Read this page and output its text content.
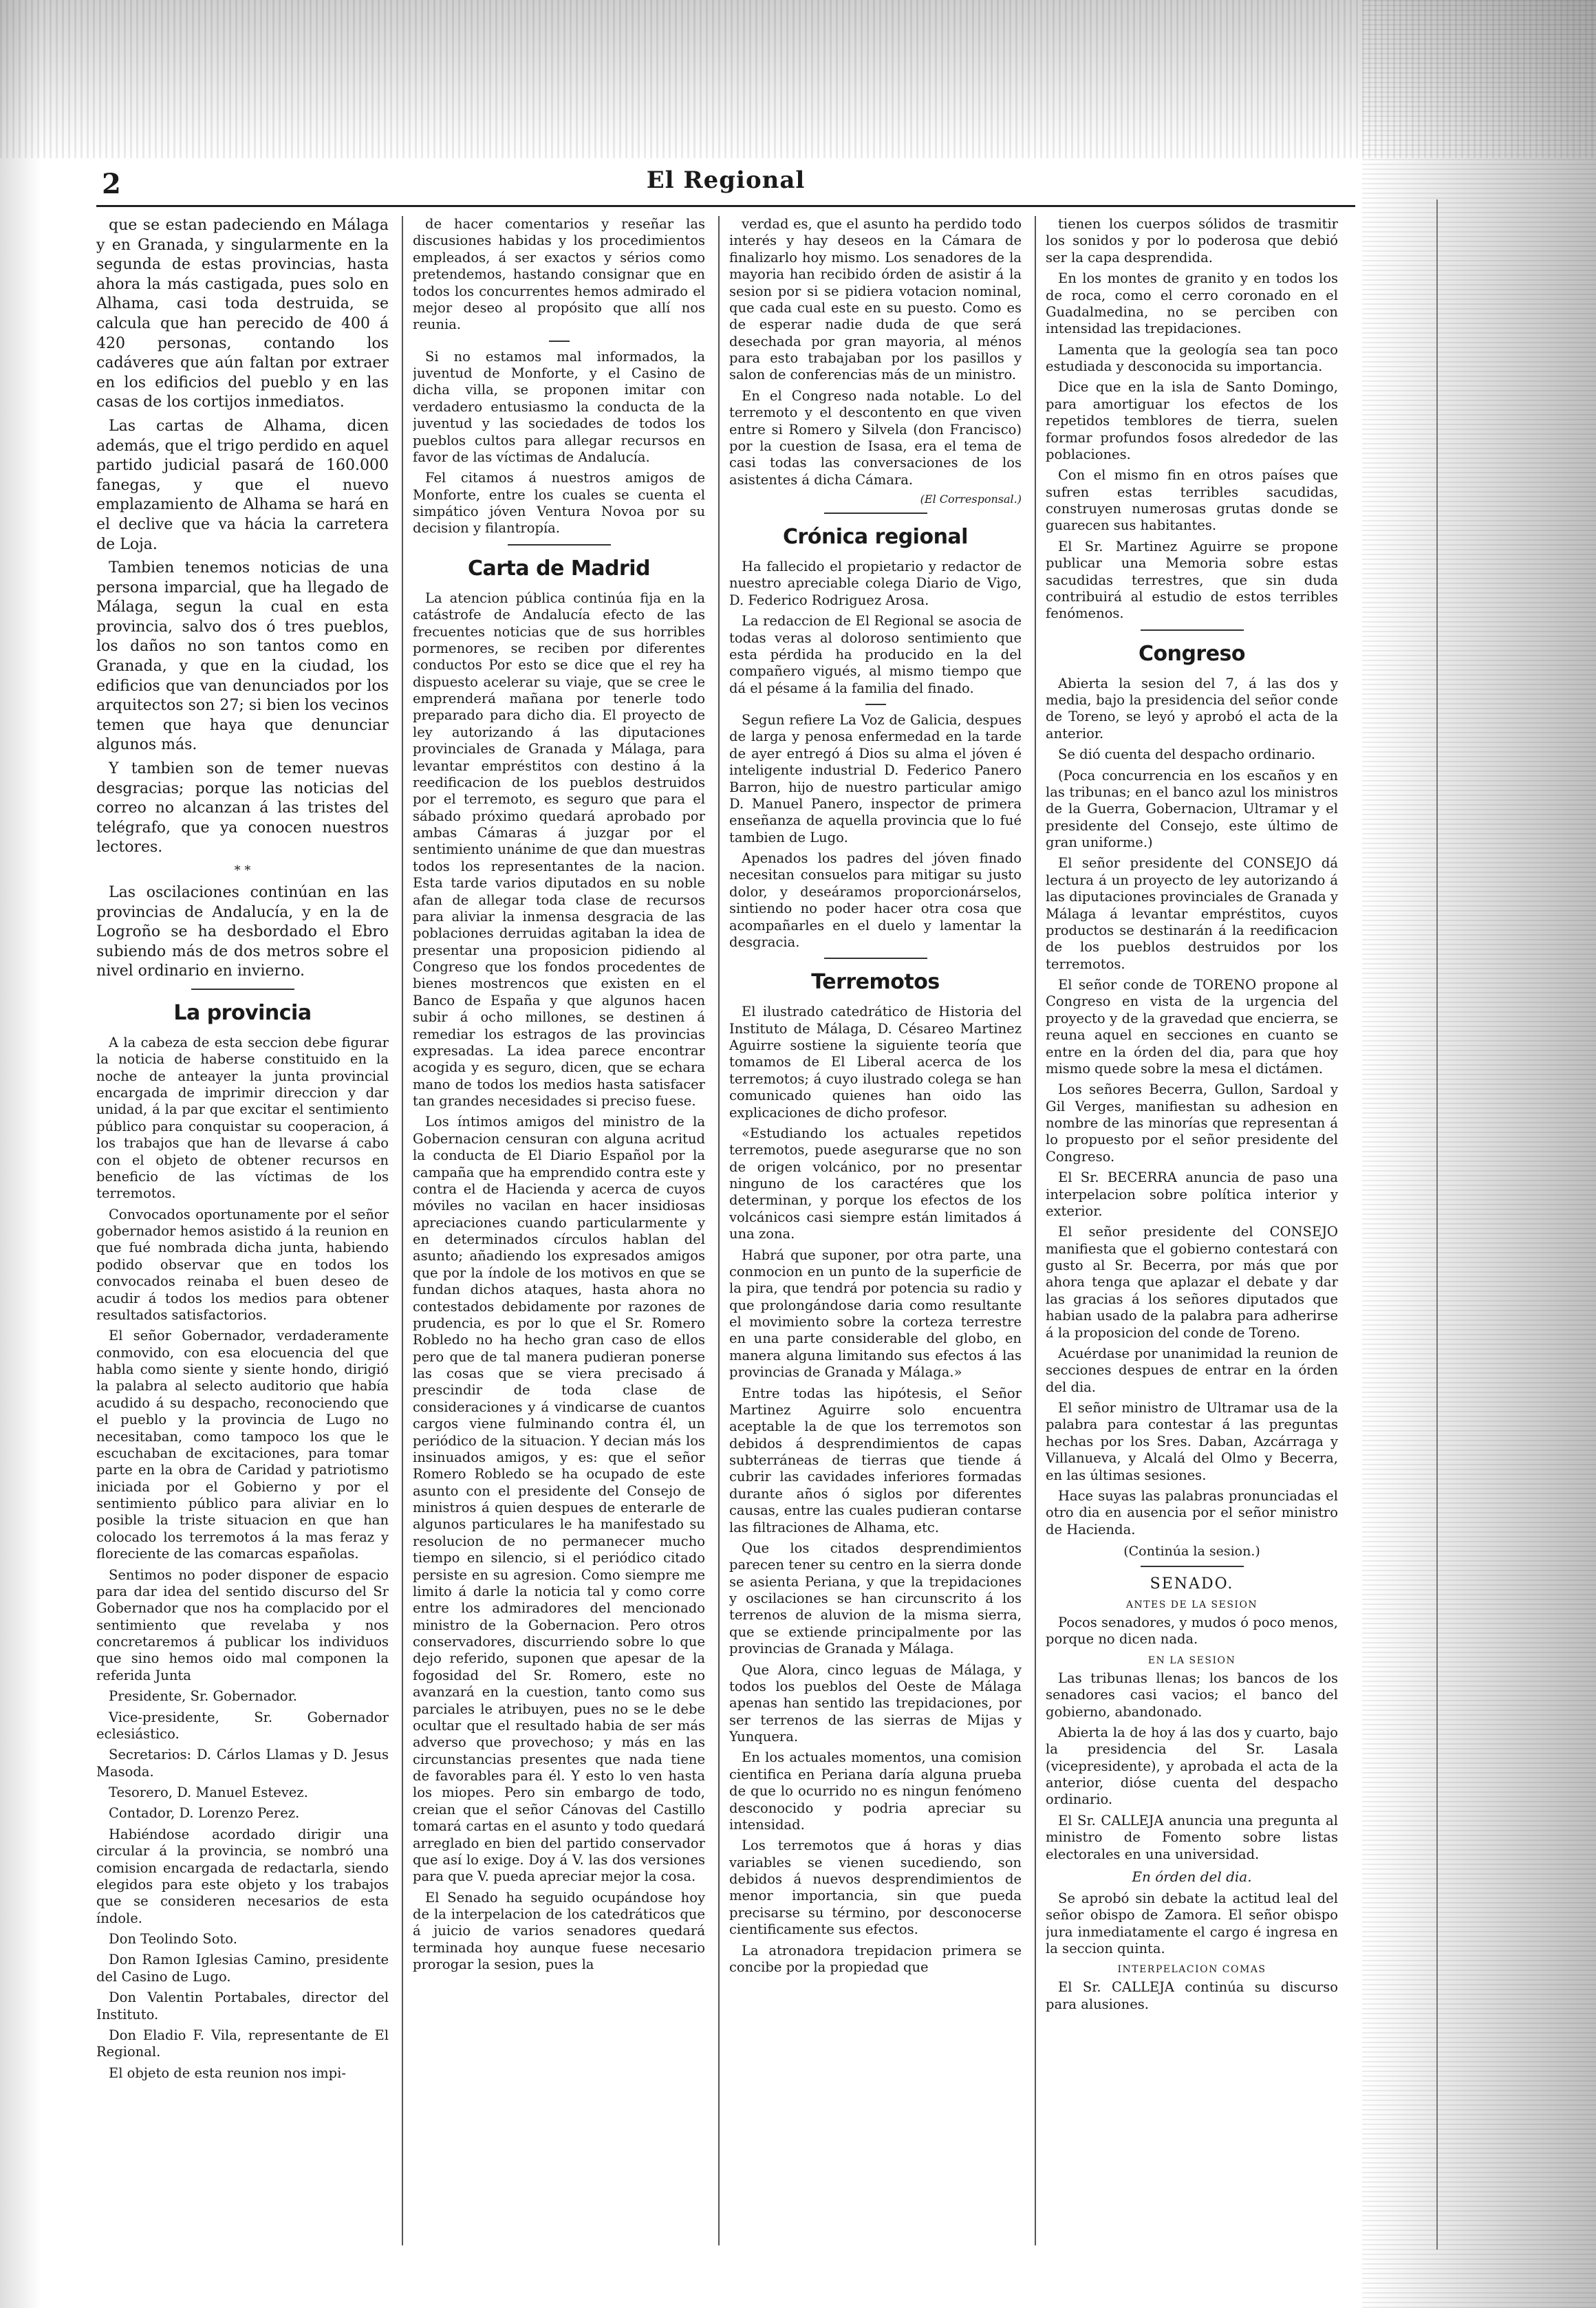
2	El Regional

que se estan padeciendo en Málaga y en Granada, y singularmente en la segunda de estas provincias, hasta ahora la más castigada, pues solo en Alhama, casi toda destruida, se calcula que han perecido de 400 á 420 personas, contando los cadáveres que aún faltan por extraer en los edificios del pueblo y en las casas de los cortijos inmediatos.

Las cartas de Alhama, dicen además, que el trigo perdido en aquel partido judicial pasará de 160.000 fanegas, y que el nuevo emplazamiento de Alhama se hará en el declive que va hácia la carretera de Loja.

Tambien tenemos noticias de una persona imparcial, que ha llegado de Málaga, segun la cual en esta provincia, salvo dos ó tres pueblos, los daños no son tantos como en Granada, y que en la ciudad, los edificios que van denunciados por los arquitectos son 27; si bien los vecinos temen que haya que denunciar algunos más.

Y tambien son de temer nuevas desgracias; porque las noticias del correo no alcanzan á las tristes del telégrafo, que ya conocen nuestros lectores.

* *

Las oscilaciones continúan en las provincias de Andalucía, y en la de Logroño se ha desbordado el Ebro subiendo más de dos metros sobre el nivel ordinario en invierno.

La provincia

A la cabeza de esta seccion debe figurar la noticia de haberse constituido en la noche de anteayer la junta provincial encargada de imprimir direccion y dar unidad, á la par que excitar el sentimiento público para conquistar su cooperacion, á los trabajos que han de llevarse á cabo con el objeto de obtener recursos en beneficio de las víctimas de los terremotos.

Convocados oportunamente por el señor gobernador hemos asistido á la reunion en que fué nombrada dicha junta, habiendo podido observar que en todos los convocados reinaba el buen deseo de acudir á todos los medios para obtener resultados satisfactorios.

El señor Gobernador, verdaderamente conmovido, con esa elocuencia del que habla como siente y siente hondo, dirigió la palabra al selecto auditorio que había acudido á su despacho, reconociendo que el pueblo y la provincia de Lugo no necesitaban, como tampoco los que le escuchaban de excitaciones, para tomar parte en la obra de Caridad y patriotismo iniciada por el Gobierno y por el sentimiento público para aliviar en lo posible la triste situacion en que han colocado los terremotos á la mas feraz y floreciente de las comarcas españolas.

Sentimos no poder disponer de espacio para dar idea del sentido discurso del Sr Gobernador que nos ha complacido por el sentimiento que revelaba y nos concretaremos á publicar los individuos que sino hemos oido mal componen la referida Junta

Presidente, Sr. Gobernador.

Vice-presidente, Sr. Gobernador eclesiástico.

Secretarios: D. Cárlos Llamas y D. Jesus Masoda.

Tesorero, D. Manuel Estevez.

Contador, D. Lorenzo Perez.

Habiéndose acordado dirigir una circular á la provincia, se nombró una comision encargada de redactarla, siendo elegidos para este objeto y los trabajos que se consideren necesarios de esta índole.

Don Teolindo Soto.

Don Ramon Iglesias Camino, presidente del Casino de Lugo.

Don Valentin Portabales, director del Instituto.

Don Eladio F. Vila, representante de El Regional.

El objeto de esta reunion nos impi-

de hacer comentarios y reseñar las discusiones habidas y los procedimientos empleados, á ser exactos y sérios como pretendemos, hastando consignar que en todos los concurrentes hemos admirado el mejor deseo al propósito que allí nos reunia.

Si no estamos mal informados, la juventud de Monforte, y el Casino de dicha villa, se proponen imitar con verdadero entusiasmo la conducta de la juventud y las sociedades de todos los pueblos cultos para allegar recursos en favor de las víctimas de Andalucía.

Fel citamos á nuestros amigos de Monforte, entre los cuales se cuenta el simpático jóven Ventura Novoa por su decision y filantropía.

Carta de Madrid

La atencion pública continúa fija en la catástrofe de Andalucía efecto de las frecuentes noticias que de sus horribles pormenores, se reciben por diferentes conductos Por esto se dice que el rey ha dispuesto acelerar su viaje, que se cree le emprenderá mañana por tenerle todo preparado para dicho dia. El proyecto de ley autorizando á las diputaciones provinciales de Granada y Málaga, para levantar empréstitos con destino á la reedificacion de los pueblos destruidos por el terremoto, es seguro que para el sábado próximo quedará aprobado por ambas Cámaras á juzgar por el sentimiento unánime de que dan muestras todos los representantes de la nacion. Esta tarde varios diputados en su noble afan de allegar toda clase de recursos para aliviar la inmensa desgracia de las poblaciones derruidas agitaban la idea de presentar una proposicion pidiendo al Congreso que los fondos procedentes de bienes mostrencos que existen en el Banco de España y que algunos hacen subir á ocho millones, se destinen á remediar los estragos de las provincias expresadas. La idea parece encontrar acogida y es seguro, dicen, que se echara mano de todos los medios hasta satisfacer tan grandes necesidades si preciso fuese.

Los íntimos amigos del ministro de la Gobernacion censuran con alguna acritud la conducta de El Diario Español por la campaña que ha emprendido contra este y contra el de Hacienda y acerca de cuyos móviles no vacilan en hacer insidiosas apreciaciones cuando particularmente y en determinados círculos hablan del asunto; añadiendo los expresados amigos que por la índole de los motivos en que se fundan dichos ataques, hasta ahora no contestados debidamente por razones de prudencia, es por lo que el Sr. Romero Robledo no ha hecho gran caso de ellos pero que de tal manera pudieran ponerse las cosas que se viera precisado á prescindir de toda clase de consideraciones y á vindicarse de cuantos cargos viene fulminando contra él, un periódico de la situacion. Y decian más los insinuados amigos, y es: que el señor Romero Robledo se ha ocupado de este asunto con el presidente del Consejo de ministros á quien despues de enterarle de algunos particulares le ha manifestado su resolucion de no permanecer mucho tiempo en silencio, si el periódico citado persiste en su agresion. Como siempre me limito á darle la noticia tal y como corre entre los admiradores del mencionado ministro de la Gobernacion. Pero otros conservadores, discurriendo sobre lo que dejo referido, suponen que apesar de la fogosidad del Sr. Romero, este no avanzará en la cuestion, tanto como sus parciales le atribuyen, pues no se le debe ocultar que el resultado habia de ser más adverso que provechoso; y más en las circunstancias presentes que nada tiene de favorables para él. Y esto lo ven hasta los miopes. Pero sin embargo de todo, creian que el señor Cánovas del Castillo tomará cartas en el asunto y todo quedará arreglado en bien del partido conservador que así lo exige. Doy á V. las dos versiones para que V. pueda apreciar mejor la cosa.

El Senado ha seguido ocupándose hoy de la interpelacion de los catedráticos que á juicio de varios senadores quedará terminada hoy aunque fuese necesario prorogar la sesion, pues la

verdad es, que el asunto ha perdido todo interés y hay deseos en la Cámara de finalizarlo hoy mismo. Los senadores de la mayoria han recibido órden de asistir á la sesion por si se pidiera votacion nominal, que cada cual este en su puesto. Como es de esperar nadie duda de que será desechada por gran mayoria, al ménos para esto trabajaban por los pasillos y salon de conferencias más de un ministro.

En el Congreso nada notable. Lo del terremoto y el descontento en que viven entre si Romero y Silvela (don Francisco) por la cuestion de Isasa, era el tema de casi todas las conversaciones de los asistentes á dicha Cámara.

(El Corresponsal.)
Crónica regional

Ha fallecido el propietario y redactor de nuestro apreciable colega Diario de Vigo, D. Federico Rodriguez Arosa.

La redaccion de El Regional se asocia de todas veras al doloroso sentimiento que esta pérdida ha producido en la del compañero vigués, al mismo tiempo que dá el pésame á la familia del finado.

Segun refiere La Voz de Galicia, despues de larga y penosa enfermedad en la tarde de ayer entregó á Dios su alma el jóven é inteligente industrial D. Federico Panero Barron, hijo de nuestro particular amigo D. Manuel Panero, inspector de primera enseñanza de aquella provincia que lo fué tambien de Lugo.

Apenados los padres del jóven finado necesitan consuelos para mitigar su justo dolor, y deseáramos proporcionárselos, sintiendo no poder hacer otra cosa que acompañarles en el duelo y lamentar la desgracia.

Terremotos

El ilustrado catedrático de Historia del Instituto de Málaga, D. Césareo Martinez Aguirre sostiene la siguiente teoría que tomamos de El Liberal acerca de los terremotos; á cuyo ilustrado colega se han comunicado quienes han oido las explicaciones de dicho profesor.

«Estudiando los actuales repetidos terremotos, puede asegurarse que no son de origen volcánico, por no presentar ninguno de los caractéres que los determinan, y porque los efectos de los volcánicos casi siempre están limitados á una zona.

Habrá que suponer, por otra parte, una conmocion en un punto de la superficie de la pira, que tendrá por potencia su radio y que prolongándose daria como resultante el movimiento sobre la corteza terrestre en una parte considerable del globo, en manera alguna limitando sus efectos á las provincias de Granada y Málaga.»

Entre todas las hipótesis, el Señor Martinez Aguirre solo encuentra aceptable la de que los terremotos son debidos á desprendimientos de capas subterráneas de tierras que tiende á cubrir las cavidades inferiores formadas durante años ó siglos por diferentes causas, entre las cuales pudieran contarse las filtraciones de Alhama, etc.

Que los citados desprendimientos parecen tener su centro en la sierra donde se asienta Periana, y que la trepidaciones y oscilaciones se han circunscrito á los terrenos de aluvion de la misma sierra, que se extiende principalmente por las provincias de Granada y Málaga.

Que Alora, cinco leguas de Málaga, y todos los pueblos del Oeste de Málaga apenas han sentido las trepidaciones, por ser terrenos de las sierras de Mijas y Yunquera.

En los actuales momentos, una comision cientifica en Periana daría alguna prueba de que lo ocurrido no es ningun fenómeno desconocido y podria apreciar su intensidad.

Los terremotos que á horas y dias variables se vienen sucediendo, son debidos á nuevos desprendimientos de menor importancia, sin que pueda precisarse su término, por desconocerse cientificamente sus efectos.

La atronadora trepidacion primera se concibe por la propiedad que

tienen los cuerpos sólidos de trasmitir los sonidos y por lo poderosa que debió ser la capa desprendida.

En los montes de granito y en todos los de roca, como el cerro coronado en el Guadalmedina, no se perciben con intensidad las trepidaciones.

Lamenta que la geología sea tan poco estudiada y desconocida su importancia.

Dice que en la isla de Santo Domingo, para amortiguar los efectos de los repetidos temblores de tierra, suelen formar profundos fosos alrededor de las poblaciones.

Con el mismo fin en otros países que sufren estas terribles sacudidas, construyen numerosas grutas donde se guarecen sus habitantes.

El Sr. Martinez Aguirre se propone publicar una Memoria sobre estas sacudidas terrestres, que sin duda contribuirá al estudio de estos terribles fenómenos.

Congreso

Abierta la sesion del 7, á las dos y media, bajo la presidencia del señor conde de Toreno, se leyó y aprobó el acta de la anterior.

Se dió cuenta del despacho ordinario.

(Poca concurrencia en los escaños y en las tribunas; en el banco azul los ministros de la Guerra, Gobernacion, Ultramar y el presidente del Consejo, este último de gran uniforme.)

El señor presidente del CONSEJO dá lectura á un proyecto de ley autorizando á las diputaciones provinciales de Granada y Málaga á levantar empréstitos, cuyos productos se destinarán á la reedificacion de los pueblos destruidos por los terremotos.

El señor conde de TORENO propone al Congreso en vista de la urgencia del proyecto y de la gravedad que encierra, se reuna aquel en secciones en cuanto se entre en la órden del dia, para que hoy mismo quede sobre la mesa el dictámen.

Los señores Becerra, Gullon, Sardoal y Gil Verges, manifiestan su adhesion en nombre de las minorías que representan á lo propuesto por el señor presidente del Congreso.

El Sr. BECERRA anuncia de paso una interpelacion sobre política interior y exterior.

El señor presidente del CONSEJO manifiesta que el gobierno contestará con gusto al Sr. Becerra, por más que por ahora tenga que aplazar el debate y dar las gracias á los señores diputados que habian usado de la palabra para adherirse á la proposicion del conde de Toreno.

Acuérdase por unanimidad la reunion de secciones despues de entrar en la órden del dia.

El señor ministro de Ultramar usa de la palabra para contestar á las preguntas hechas por los Sres. Daban, Azcárraga y Villanueva, y Alcalá del Olmo y Becerra, en las últimas sesiones.

Hace suyas las palabras pronunciadas el otro dia en ausencia por el señor ministro de Hacienda.

(Continúa la sesion.)
SENADO.
ANTES DE LA SESION

Pocos senadores, y mudos ó poco menos, porque no dicen nada.

EN LA SESION

Las tribunas llenas; los bancos de los senadores casi vacios; el banco del gobierno, abandonado.

Abierta la de hoy á las dos y cuarto, bajo la presidencia del Sr. Lasala (vicepresidente), y aprobada el acta de la anterior, dióse cuenta del despacho ordinario.

El Sr. CALLEJA anuncia una pregunta al ministro de Fomento sobre listas electorales en una universidad.

En órden del dia.

Se aprobó sin debate la actitud leal del señor obispo de Zamora. El señor obispo jura inmediatamente el cargo é ingresa en la seccion quinta.

INTERPELACION COMAS

El Sr. CALLEJA continúa su discurso para alusiones.
